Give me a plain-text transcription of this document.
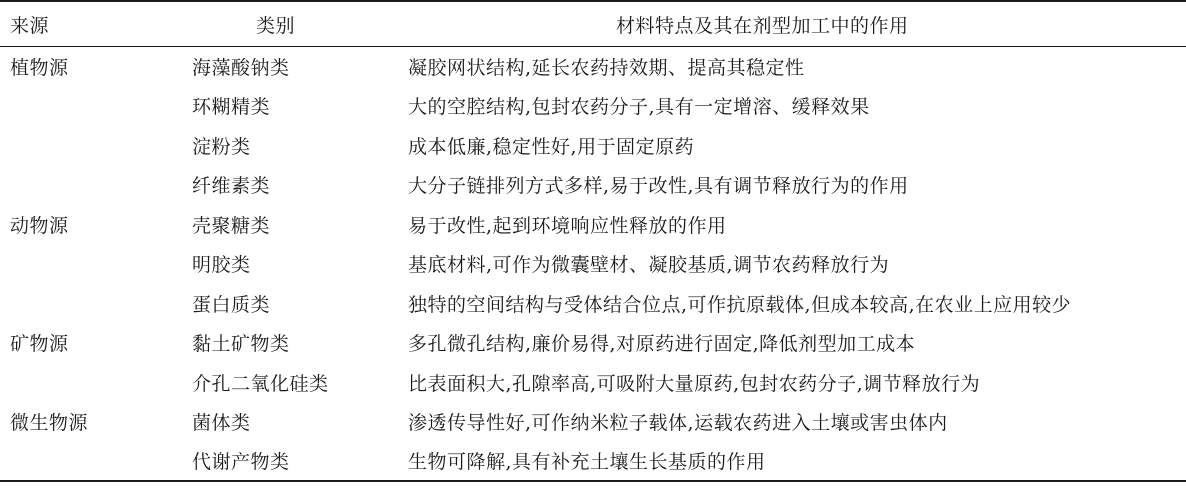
来源	类别	材料特点及其在剂型加工中的作用
植物源	海藻酸钠类	凝胶网状结构,延长农药持效期、提高其稳定性
	环糊精类	大的空腔结构,包封农药分子,具有一定增溶、缓释效果
	淀粉类	成本低廉,稳定性好,用于固定原药
	纤维素类	大分子链排列方式多样,易于改性,具有调节释放行为的作用
动物源	壳聚糖类	易于改性,起到环境响应性释放的作用
	明胶类	基底材料,可作为微囊壁材、凝胶基质,调节农药释放行为
	蛋白质类	独特的空间结构与受体结合位点,可作抗原载体,但成本较高,在农业上应用较少
矿物源	黏土矿物类	多孔微孔结构,廉价易得,对原药进行固定,降低剂型加工成本
	介孔二氧化硅类	比表面积大,孔隙率高,可吸附大量原药,包封农药分子,调节释放行为
微生物源	菌体类	渗透传导性好,可作纳米粒子载体,运载农药进入土壤或害虫体内
	代谢产物类	生物可降解,具有补充土壤生长基质的作用
